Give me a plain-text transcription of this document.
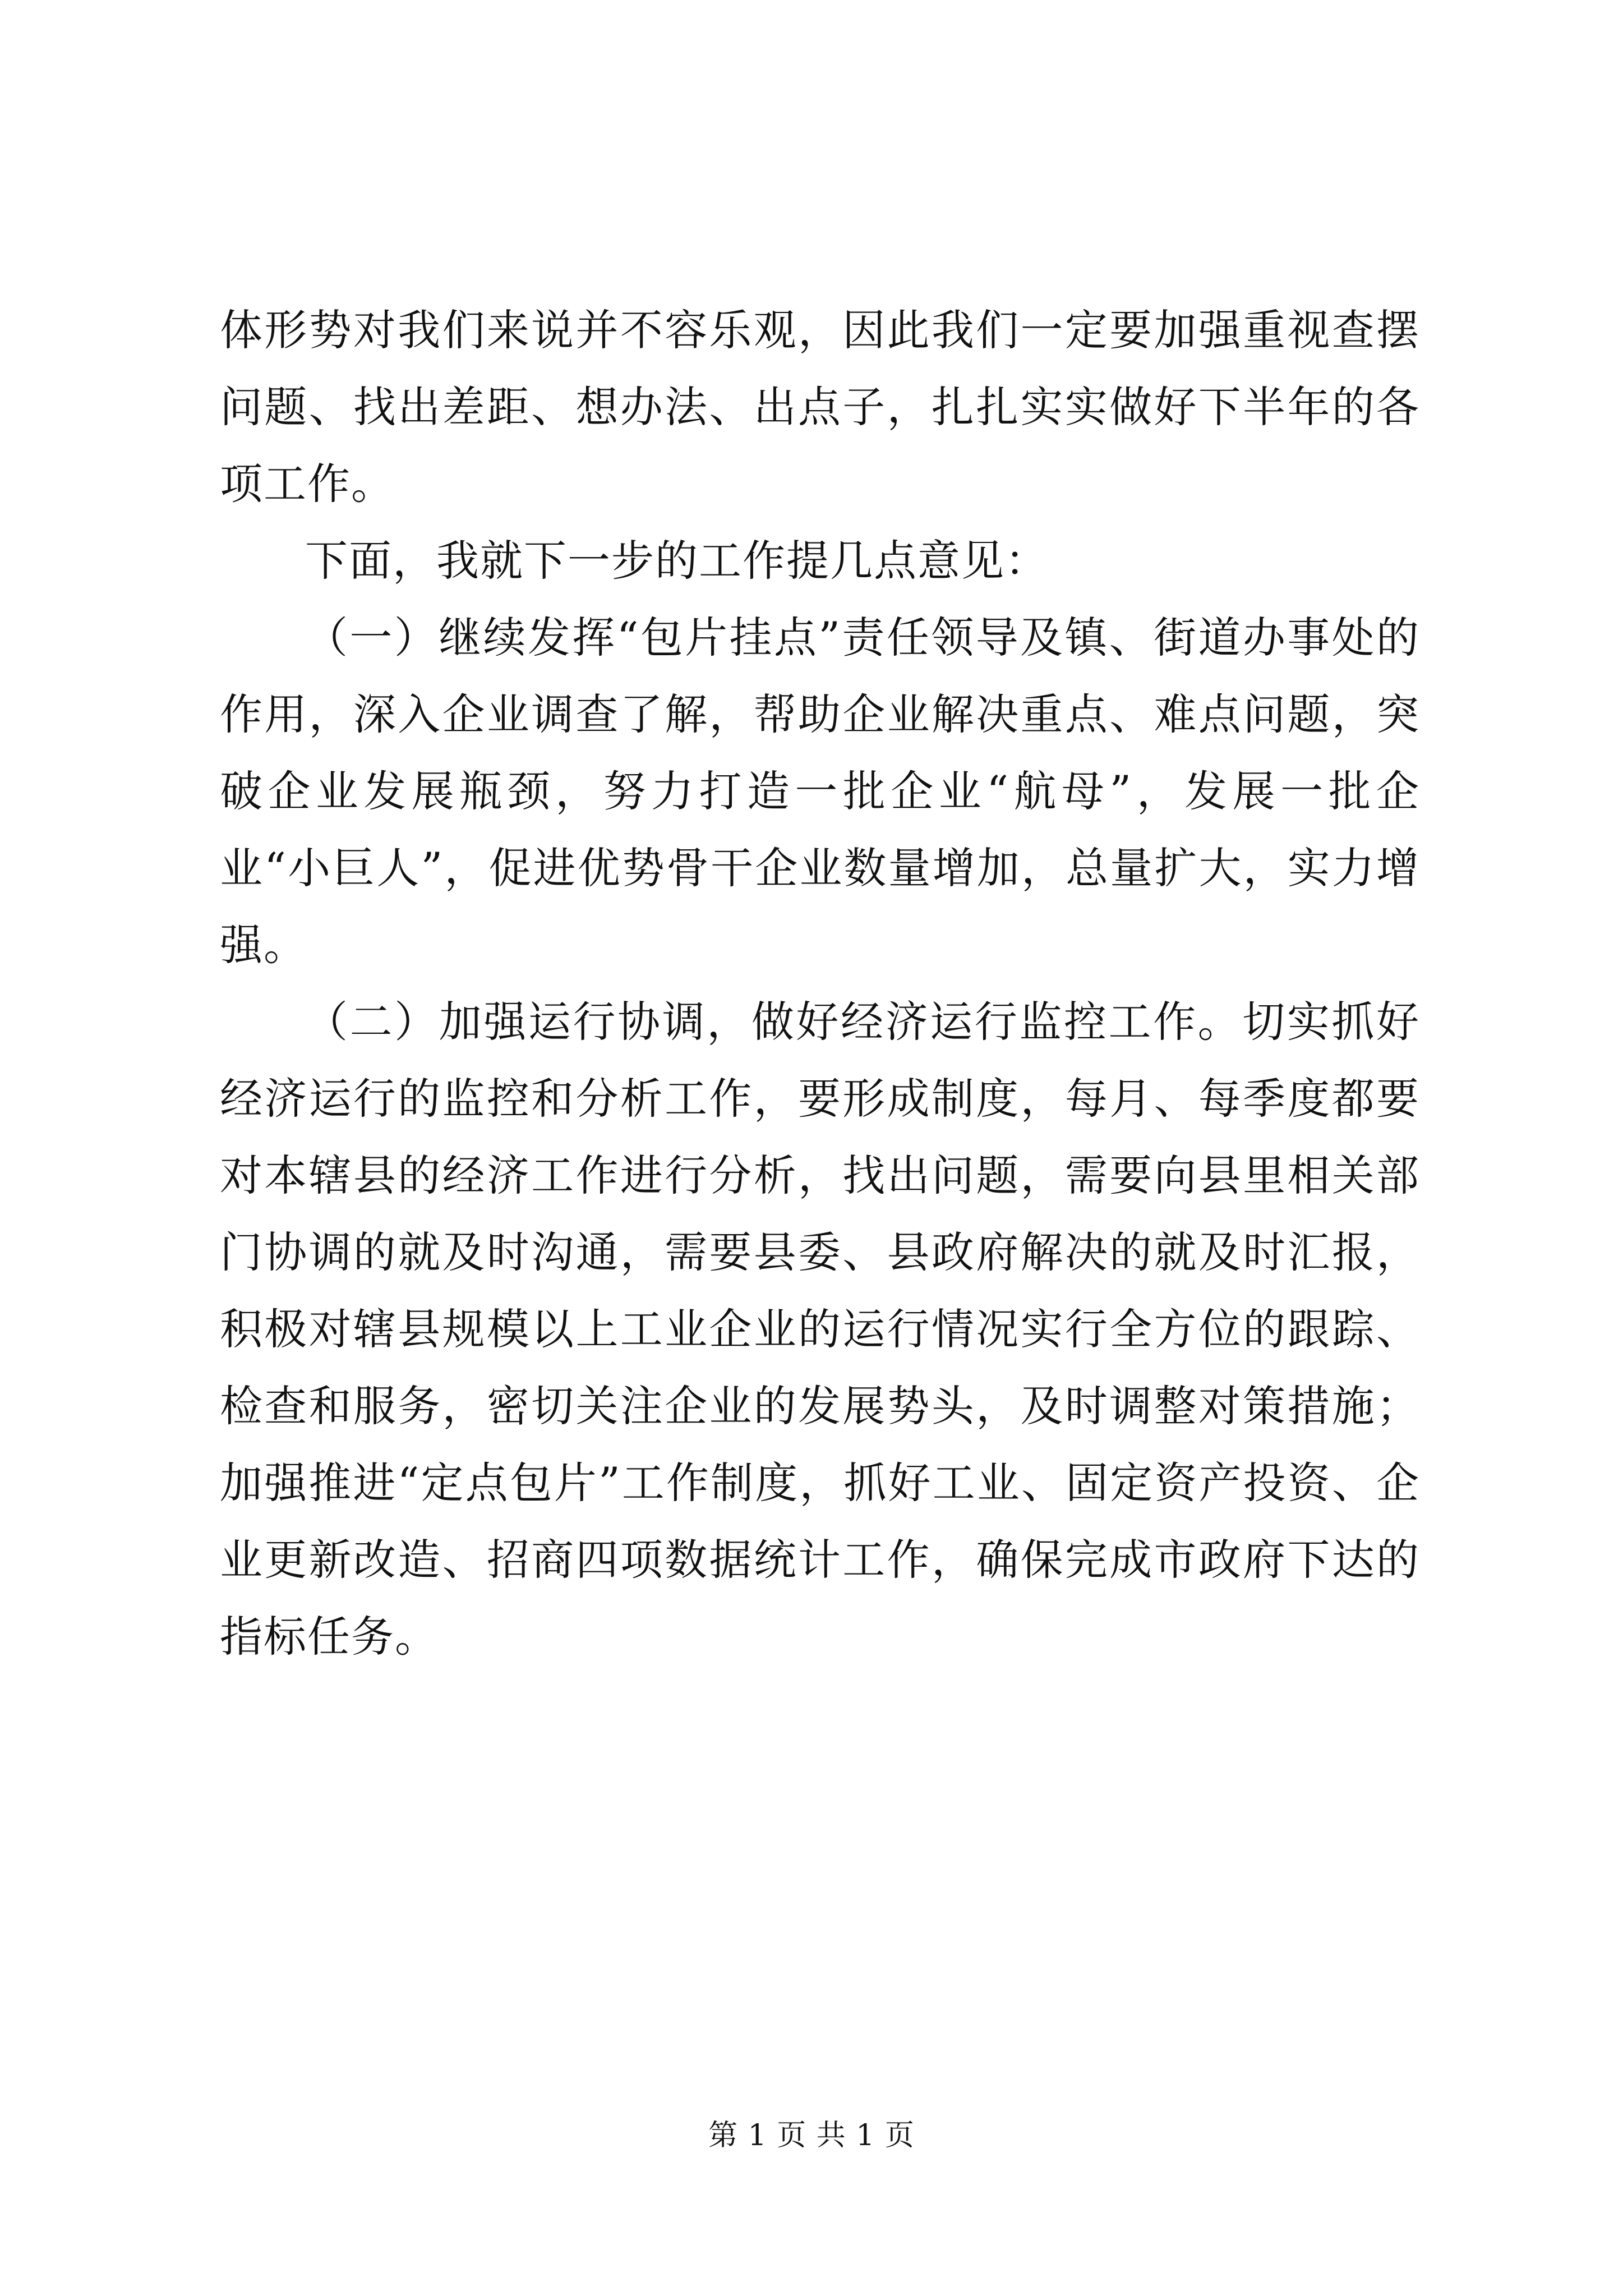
体形势对我们来说并不容乐观，因此我们一定要加强重视查摆问题、找出差距、想办法、出点子，扎扎实实做好下半年的各项工作。

下面，我就下一步的工作提几点意见：

（一）继续发挥“包片挂点”责任领导及镇、街道办事处的作用，深入企业调查了解，帮助企业解决重点、难点问题，突破企业发展瓶颈，努力打造一批企业“航母”，发展一批企业“小巨人”，促进优势骨干企业数量增加，总量扩大，实力增强。

（二）加强运行协调，做好经济运行监控工作。切实抓好经济运行的监控和分析工作，要形成制度，每月、每季度都要对本辖县的经济工作进行分析，找出问题，需要向县里相关部门协调的就及时沟通，需要县委、县政府解决的就及时汇报，积极对辖县规模以上工业企业的运行情况实行全方位的跟踪、检查和服务，密切关注企业的发展势头，及时调整对策措施；加强推进“定点包片”工作制度，抓好工业、固定资产投资、企业更新改造、招商四项数据统计工作，确保完成市政府下达的指标任务。

第 1 页 共 1 页
